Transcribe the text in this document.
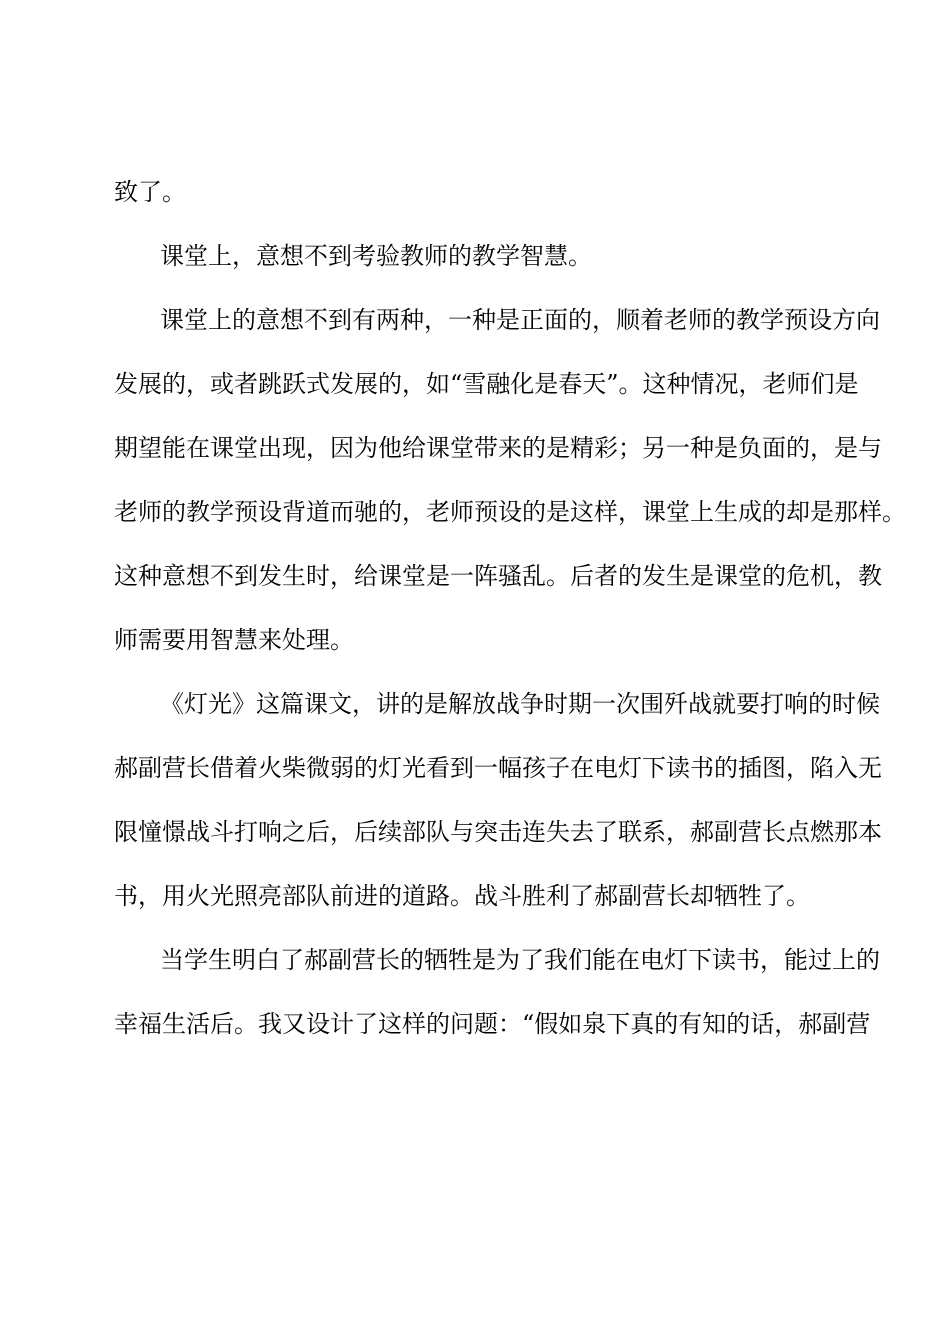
致了。
课堂上，意想不到考验教师的教学智慧。
课堂上的意想不到有两种，一种是正面的，顺着老师的教学预设方向
发展的，或者跳跃式发展的，如“雪融化是春天”。这种情况，老师们是
期望能在课堂出现，因为他给课堂带来的是精彩；另一种是负面的，是与
老师的教学预设背道而驰的，老师预设的是这样，课堂上生成的却是那样。
这种意想不到发生时，给课堂是一阵骚乱。后者的发生是课堂的危机，教
师需要用智慧来处理。
《灯光》这篇课文，讲的是解放战争时期一次围歼战就要打响的时候
郝副营长借着火柴微弱的灯光看到一幅孩子在电灯下读书的插图，陷入无
限憧憬战斗打响之后，后续部队与突击连失去了联系，郝副营长点燃那本
书，用火光照亮部队前进的道路。战斗胜利了郝副营长却牺牲了。
当学生明白了郝副营长的牺牲是为了我们能在电灯下读书，能过上的
幸福生活后。我又设计了这样的问题：“假如泉下真的有知的话，郝副营
